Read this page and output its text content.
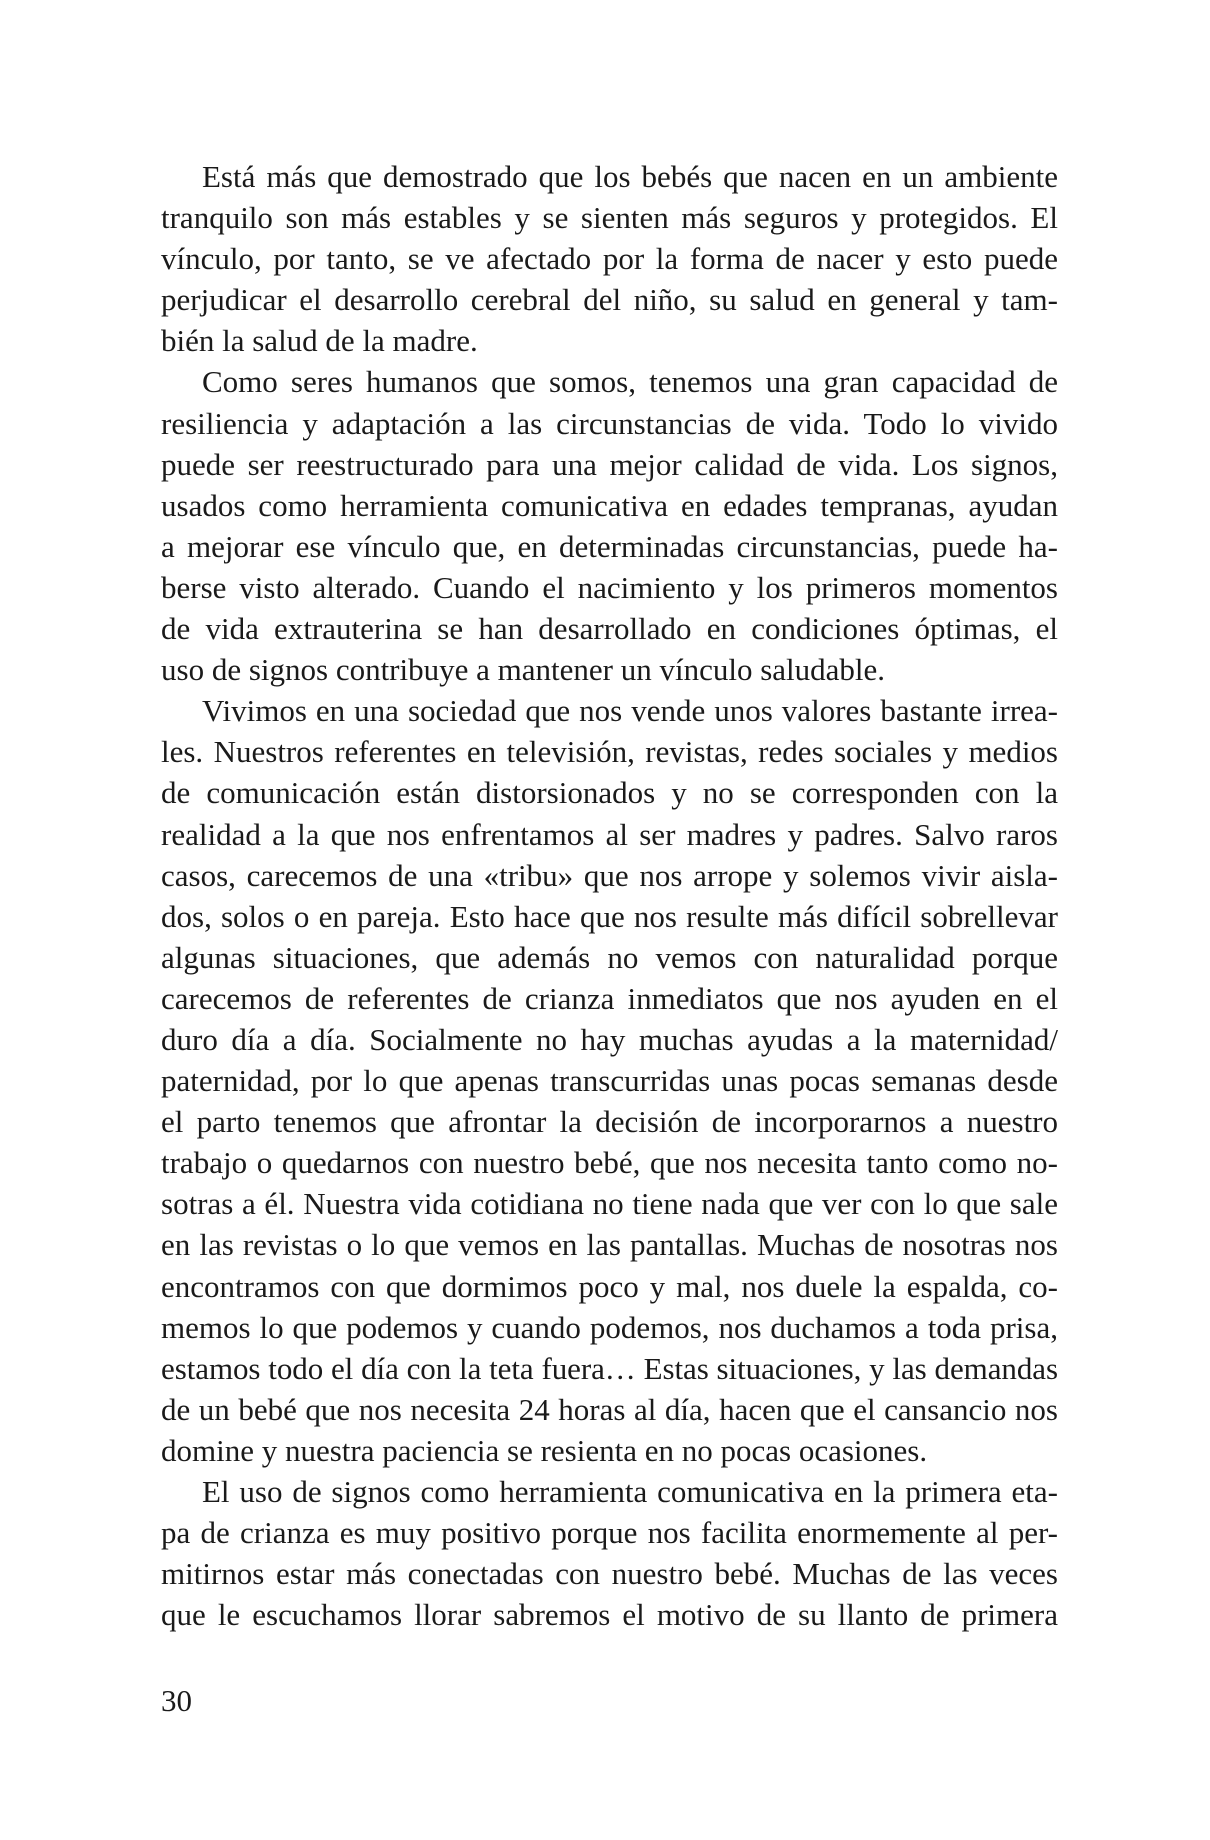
Está más que demostrado que los bebés que nacen en un ambiente
tranquilo son más estables y se sienten más seguros y protegidos. El
vínculo, por tanto, se ve afectado por la forma de nacer y esto puede
perjudicar el desarrollo cerebral del niño, su salud en general y tam-
bién la salud de la madre.
Como seres humanos que somos, tenemos una gran capacidad de
resiliencia y adaptación a las circunstancias de vida. Todo lo vivido
puede ser reestructurado para una mejor calidad de vida. Los signos,
usados como herramienta comunicativa en edades tempranas, ayudan
a mejorar ese vínculo que, en determinadas circunstancias, puede ha-
berse visto alterado. Cuando el nacimiento y los primeros momentos
de vida extrauterina se han desarrollado en condiciones óptimas, el
uso de signos contribuye a mantener un vínculo saludable.
Vivimos en una sociedad que nos vende unos valores bastante irrea-
les. Nuestros referentes en televisión, revistas, redes sociales y medios
de comunicación están distorsionados y no se corresponden con la
realidad a la que nos enfrentamos al ser madres y padres. Salvo raros
casos, carecemos de una «tribu» que nos arrope y solemos vivir aisla-
dos, solos o en pareja. Esto hace que nos resulte más difícil sobrellevar
algunas situaciones, que además no vemos con naturalidad porque
carecemos de referentes de crianza inmediatos que nos ayuden en el
duro día a día. Socialmente no hay muchas ayudas a la maternidad/
paternidad, por lo que apenas transcurridas unas pocas semanas desde
el parto tenemos que afrontar la decisión de incorporarnos a nuestro
trabajo o quedarnos con nuestro bebé, que nos necesita tanto como no-
sotras a él. Nuestra vida cotidiana no tiene nada que ver con lo que sale
en las revistas o lo que vemos en las pantallas. Muchas de nosotras nos
encontramos con que dormimos poco y mal, nos duele la espalda, co-
memos lo que podemos y cuando podemos, nos duchamos a toda prisa,
estamos todo el día con la teta fuera… Estas situaciones, y las demandas
de un bebé que nos necesita 24 horas al día, hacen que el cansancio nos
domine y nuestra paciencia se resienta en no pocas ocasiones.
El uso de signos como herramienta comunicativa en la primera eta-
pa de crianza es muy positivo porque nos facilita enormemente al per-
mitirnos estar más conectadas con nuestro bebé. Muchas de las veces
que le escuchamos llorar sabremos el motivo de su llanto de primera
30
